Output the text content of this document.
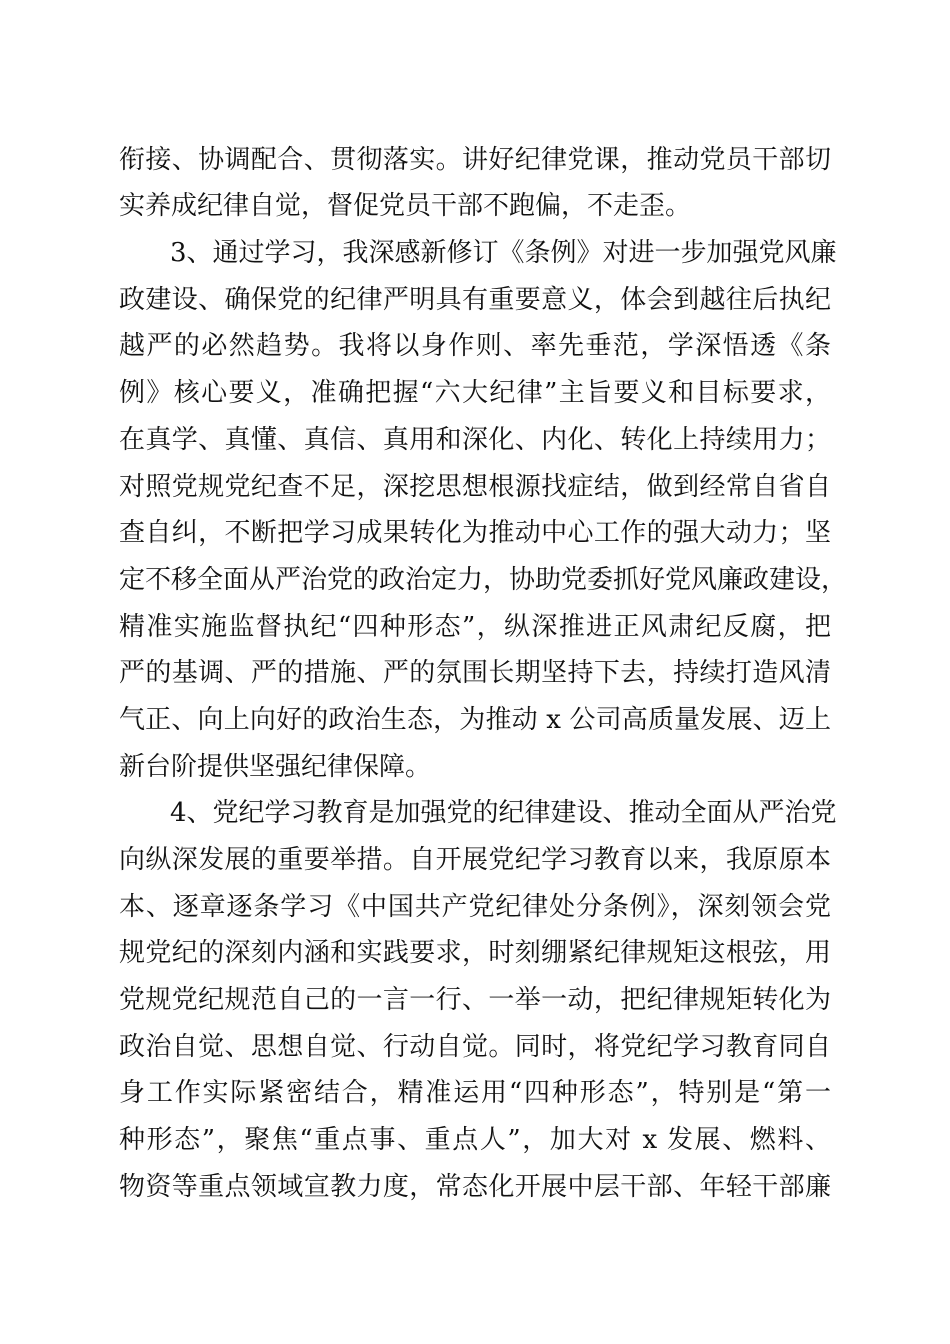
衔接、协调配合、贯彻落实。讲好纪律党课，推动党员干部切
实养成纪律自觉，督促党员干部不跑偏，不走歪。
3、通过学习，我深感新修订《条例》对进一步加强党风廉
政建设、确保党的纪律严明具有重要意义，体会到越往后执纪
越严的必然趋势。我将以身作则、率先垂范，学深悟透《条
例》核心要义，准确把握“六大纪律”主旨要义和目标要求，
在真学、真懂、真信、真用和深化、内化、转化上持续用力；
对照党规党纪查不足，深挖思想根源找症结，做到经常自省自
查自纠，不断把学习成果转化为推动中心工作的强大动力；坚
定不移全面从严治党的政治定力，协助党委抓好党风廉政建设，
精准实施监督执纪“四种形态”，纵深推进正风肃纪反腐，把
严的基调、严的措施、严的氛围长期坚持下去，持续打造风清
气正、向上向好的政治生态，为推动 x 公司高质量发展、迈上
新台阶提供坚强纪律保障。
4、党纪学习教育是加强党的纪律建设、推动全面从严治党
向纵深发展的重要举措。自开展党纪学习教育以来，我原原本
本、逐章逐条学习《中国共产党纪律处分条例》，深刻领会党
规党纪的深刻内涵和实践要求，时刻绷紧纪律规矩这根弦，用
党规党纪规范自己的一言一行、一举一动，把纪律规矩转化为
政治自觉、思想自觉、行动自觉。同时，将党纪学习教育同自
身工作实际紧密结合，精准运用“四种形态”，特别是“第一
种形态”，聚焦“重点事、重点人”，加大对 x 发展、燃料、
物资等重点领域宣教力度，常态化开展中层干部、年轻干部廉
